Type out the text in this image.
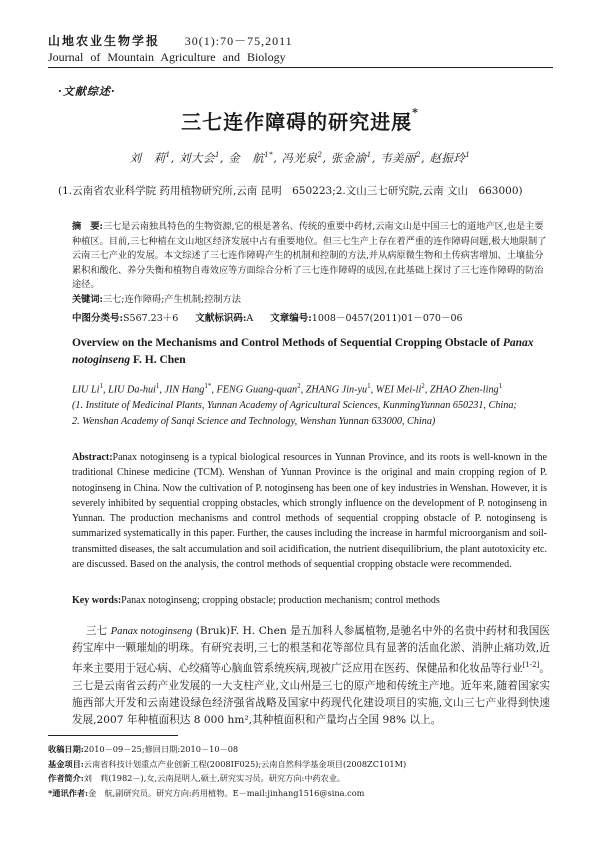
山地农业生物学报 30(1):70－75,2011
Journal of Mountain Agriculture and Biology
·文献综述·
三七连作障碍的研究进展*
刘　莉$^1$, 刘大会$^1$, 金　航$^{1*}$, 冯光泉$^2$, 张金渝$^1$, 韦美丽$^2$, 赵振玲$^1$
(1.云南省农业科学院 药用植物研究所,云南 昆明　650223;2.文山三七研究院,云南 文山　663000)
摘　要:三七是云南独具特色的生物资源,它的根是著名、传统的重要中药材,云南文山是中国三七的道地产区,也是主要种植区。目前,三七种植在文山地区经济发展中占有重要地位。但三七生产上存在着严重的连作障碍问题,极大地限制了云南三七产业的发展。本文综述了三七连作障碍产生的机制和控制的方法,并从病原微生物和土传病害增加、土壤盐分累积和酸化、养分失衡和植物自毒效应等方面综合分析了三七连作障碍的成因,在此基础上探讨了三七连作障碍的防治途径。
关键词:三七;连作障碍;产生机制;控制方法
中图分类号:S567.23＋6 文献标识码:A 文章编号:1008－0457(2011)01－070－06
Overview on the Mechanisms and Control Methods of Sequential Cropping Obstacle of Panax notoginseng F. H. Chen
LIU Li$^1$, LIU Da-hui$^1$, JIN Hang$^{1*}$, FENG Guang-quan$^2$, ZHANG Jin-$yu^1$, WEI Mei-$li^2$, ZHAO Zhen-ling$^1$
(1. Institute of Medicinal Plants, Yunnan Academy of Agricultural Sciences, KunmingYunnan 650231, China;
2. Wenshan Academy of Sanqi Science and Technology, Wenshan Yunnan 633000, China)
Abstract:Panax notoginseng is a typical biological resources in Yunnan Province, and its roots is well-known in the traditional Chinese medicine (TCM). Wenshan of Yunnan Province is the original and main cropping region of P. notoginseng in China. Now the cultivation of P. notoginseng has been one of key industries in Wenshan. However, it is severely inhibited by sequential cropping obstacles, which strongly influence on the development of P. notoginseng in Yunnan. The production mechanisms and control methods of sequential cropping obstacle of P. notoginseng is summarized systematically in this paper. Further, the causes including the increase in harmful microorganism and soil-transmitted diseases, the salt accumulation and soil acidification, the nutrient disequilibrium, the plant autotoxicity etc. are discussed. Based on the analysis, the control methods of sequential cropping obstacle were recommended.
Key words:Panax notoginseng; cropping obstacle; production mechanism; control methods
三七 Panax notoginseng (Bruk)F. H. Chen 是五加科人参属植物,是驰名中外的名贵中药材和我国医药宝库中一颗璀灿的明珠。有研究表明,三七的根茎和花等部位具有显著的活血化淤、消肿止痛功效,近年来主要用于冠心病、心绞痛等心脑血管系统疾病,现被广泛应用在医药、保健品和化妆品等行业[1-2]。三七是云南省云药产业发展的一大支柱产业,文山州是三七的原产地和传统主产地。近年来,随着国家实施西部大开发和云南建设绿色经济强省战略及国家中药现代化建设项目的实施,文山三七产业得到快速发展,2007 年种植面积达 8 000 hm²,其种植面积和产量均占全国 98% 以上。
收稿日期:2010－09－25;修回日期:2010－10－08
基金项目:云南省科技计划重点产业创新工程(2008IF025);云南自然科学基金项目(2008ZC101M)
作者简介:刘　莉(1982－),女,云南昆明人,硕士,研究实习员。研究方向:中药农业。
*通讯作者:金　航,副研究员。研究方向:药用植物。E－mail:jinhang1516@sina.com
